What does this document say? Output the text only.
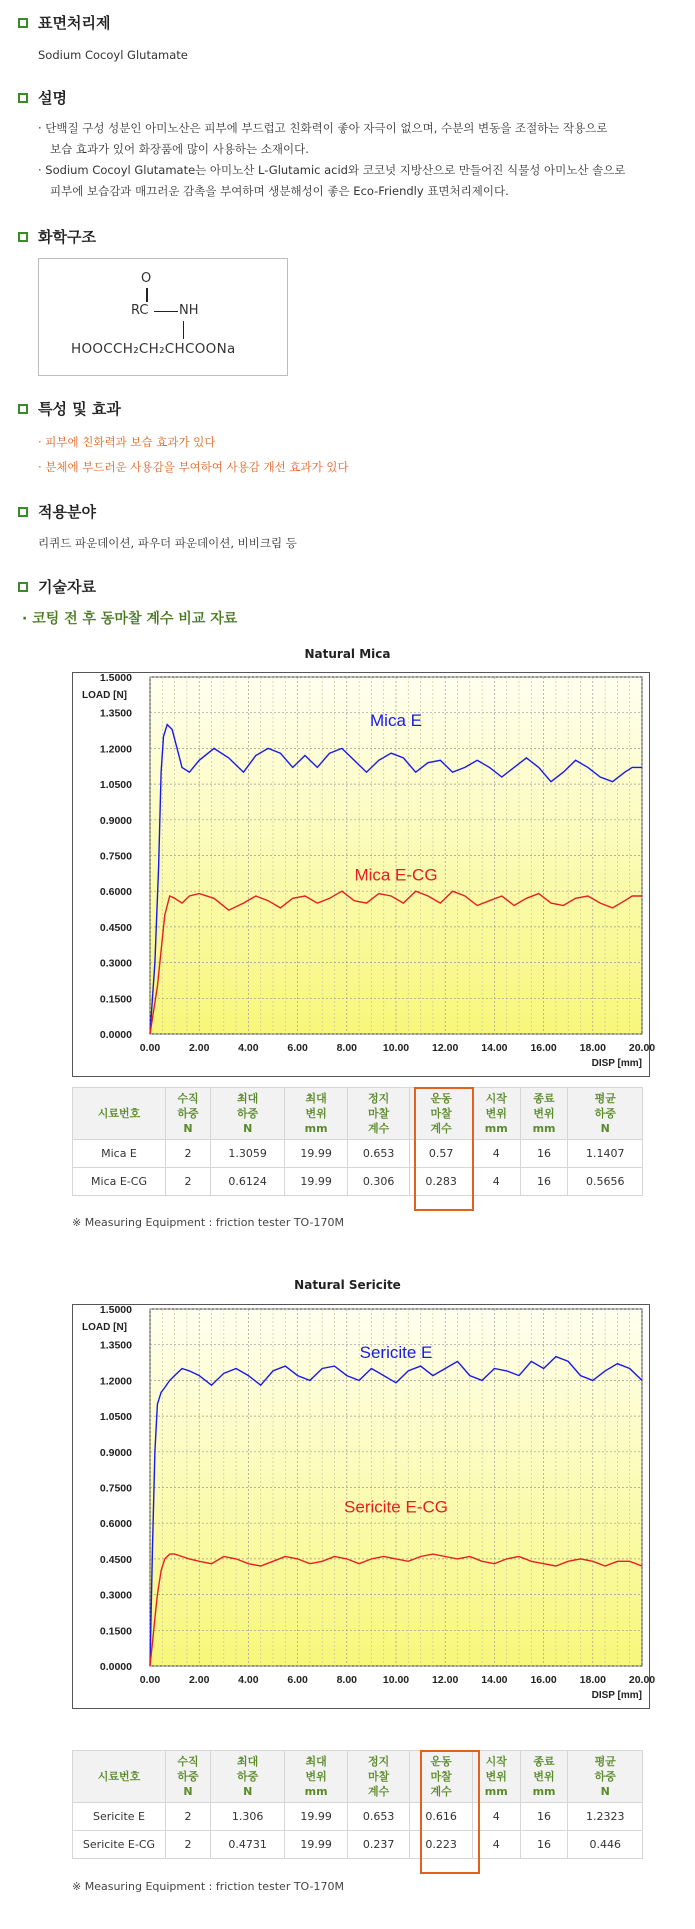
표면처리제
Sodium Cocoyl Glutamate
설명
· 단백질 구성 성분인 아미노산은 피부에 부드럽고 친화력이 좋아 자극이 없으며, 수분의 변동을 조절하는 작용으로
보습 효과가 있어 화장품에 많이 사용하는 소재이다.
· Sodium Cocoyl Glutamate는 아미노산 L-Glutamic acid와 코코넛 지방산으로 만들어진 식물성 아미노산 솔으로
피부에 보습감과 매끄러운 감촉을 부여하며 생분해성이 좋은 Eco-Friendly 표면처리제이다.
화학구조
O
RC NH
HOOCCH₂CH₂CHCOONa
특성 및 효과
· 피부에 친화력과 보습 효과가 있다
· 분체에 부드러운 사용감을 부여하여 사용감 개선 효과가 있다
적용분야
리퀴드 파운데이션, 파우더 파운데이션, 비비크림 등
기술자료
· 코팅 전 후 동마찰 계수 비교 자료
Natural Mica
0.0000
0.1500
0.3000
0.4500
0.6000
0.7500
0.9000
1.0500
1.2000
1.3500
1.5000
0.00	2.00	4.00	6.00	8.00 10.00 12.00 14.00 16.00 18.00 20.00
LOAD [N]
DISP [mm]
Mica E
Mica E-CG
시료번호	수직
하중
N	최대
하중
N	최대
변위
mm	정지
마찰
계수	운동
마찰
계수	시작
변위
mm	종료
변위
mm	평균
하중
N

Mica E	2	1.3059	19.99	0.653	0.57	4	16	1.1407
Mica E-CG	2	0.6124	19.99	0.306	0.283	4	16	0.5656
※ Measuring Equipment : friction tester TO-170M
Natural Sericite
0.0000
0.1500
0.3000
0.4500
0.6000
0.7500
0.9000
1.0500
1.2000
1.3500
1.5000
0.00	2.00	4.00	6.00	8.00 10.00 12.00 14.00 16.00 18.00 20.00
LOAD [N]
DISP [mm]
Sericite E
Sericite E-CG
시료번호	수직
하중
N	최대
하중
N	최대
변위
mm	정지
마찰
계수	운동
마찰
계수	시작
변위
mm	종료
변위
mm	평균
하중
N

Sericite E	2	1.306	19.99	0.653	0.616	4	16	1.2323
Sericite E-CG	2	0.4731	19.99	0.237	0.223	4	16	0.446
※ Measuring Equipment : friction tester TO-170M
